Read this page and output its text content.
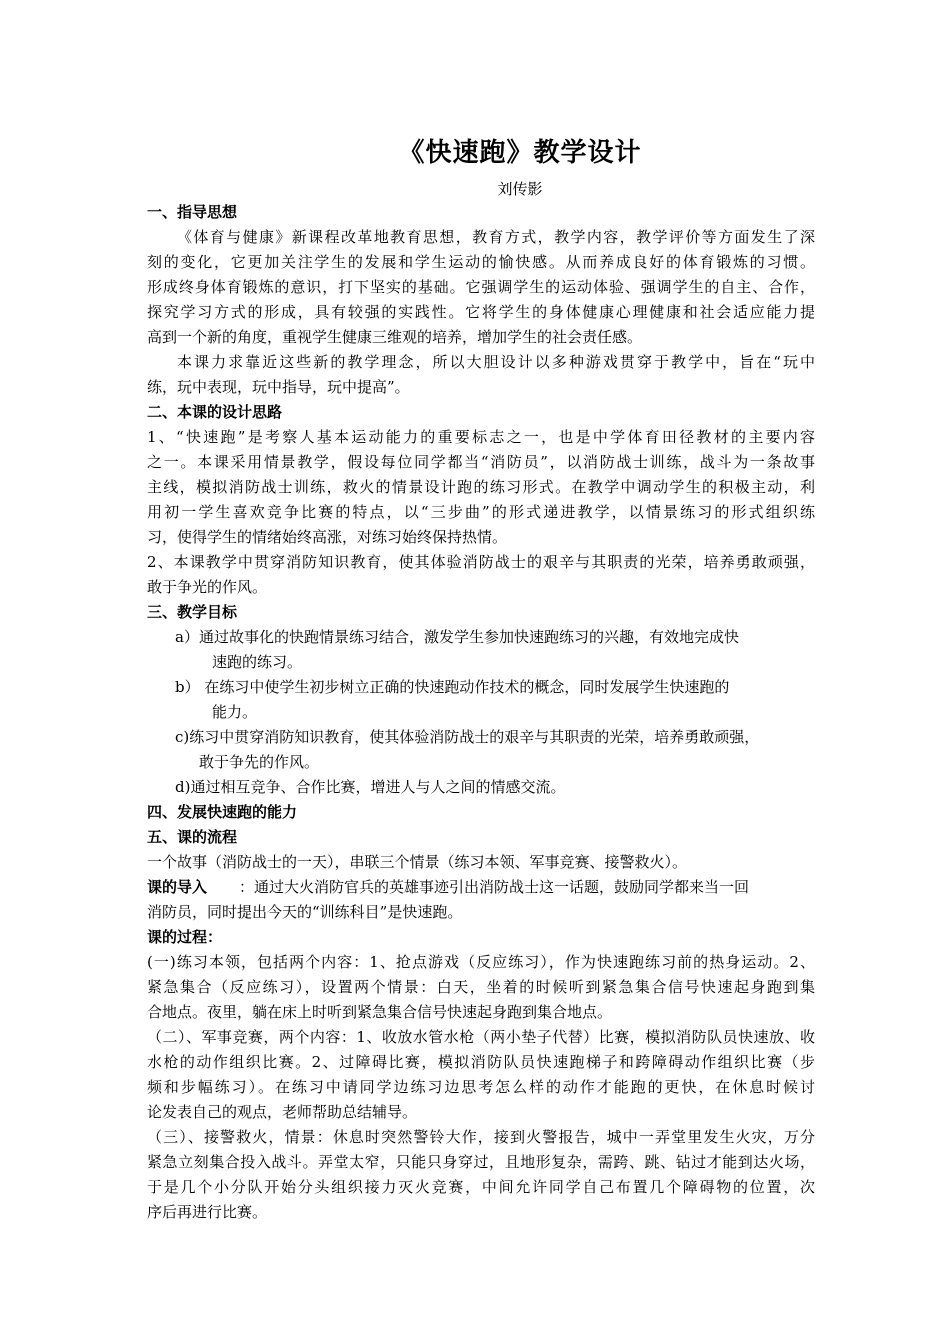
《快速跑》教学设计
刘传影
一、指导思想
《体育与健康》新课程改革地教育思想，教育方式，教学内容，教学评价等方面发生了深
刻的变化，它更加关注学生的发展和学生运动的愉快感。从而养成良好的体育锻炼的习惯。
形成终身体育锻炼的意识，打下坚实的基础。它强调学生的运动体验、强调学生的自主、合作，
探究学习方式的形成，具有较强的实践性。它将学生的身体健康心理健康和社会适应能力提
高到一个新的角度，重视学生健康三维观的培养，增加学生的社会责任感。
本课力求靠近这些新的教学理念，所以大胆设计以多种游戏贯穿于教学中，旨在“玩中
练，玩中表现，玩中指导，玩中提高”。
二、本课的设计思路
1、“快速跑”是考察人基本运动能力的重要标志之一，也是中学体育田径教材的主要内容
之一。本课采用情景教学，假设每位同学都当“消防员”，以消防战士训练，战斗为一条故事
主线，模拟消防战士训练，救火的情景设计跑的练习形式。在教学中调动学生的积极主动，利
用初一学生喜欢竞争比赛的特点，以“三步曲”的形式递进教学，以情景练习的形式组织练
习，使得学生的情绪始终高涨，对练习始终保持热情。
2、本课教学中贯穿消防知识教育，使其体验消防战士的艰辛与其职责的光荣，培养勇敢顽强，
敢于争光的作风。
三、教学目标
a）通过故事化的快跑情景练习结合，激发学生参加快速跑练习的兴趣，有效地完成快
速跑的练习。
b） 在练习中使学生初步树立正确的快速跑动作技术的概念，同时发展学生快速跑的
能力。
c)练习中贯穿消防知识教育，使其体验消防战士的艰辛与其职责的光荣，培养勇敢顽强，
敢于争先的作风。
d)通过相互竞争、合作比赛，增进人与人之间的情感交流。
四、发展快速跑的能力
五、课的流程
一个故事（消防战士的一天），串联三个情景（练习本领、军事竞赛、接警救火）。
课的导入 ：通过大火消防官兵的英雄事迹引出消防战士这一话题，鼓励同学都来当一回
消防员，同时提出今天的“训练科目”是快速跑。
课的过程：
(一)练习本领，包括两个内容：1、抢点游戏（反应练习），作为快速跑练习前的热身运动。2、
紧急集合（反应练习），设置两个情景：白天，坐着的时候听到紧急集合信号快速起身跑到集
合地点。夜里，躺在床上时听到紧急集合信号快速起身跑到集合地点。
（二）、军事竞赛，两个内容：1、收放水管水枪（两小垫子代替）比赛，模拟消防队员快速放、收
水枪的动作组织比赛。2、过障碍比赛，模拟消防队员快速跑梯子和跨障碍动作组织比赛（步
频和步幅练习）。在练习中请同学边练习边思考怎么样的动作才能跑的更快，在休息时候讨
论发表自己的观点，老师帮助总结辅导。
（三）、接警救火，情景：休息时突然警铃大作，接到火警报告，城中一弄堂里发生火灾，万分
紧急立刻集合投入战斗。弄堂太窄，只能只身穿过，且地形复杂，需跨、跳、钻过才能到达火场，
于是几个小分队开始分头组织接力灭火竞赛，中间允许同学自己布置几个障碍物的位置，次
序后再进行比赛。
